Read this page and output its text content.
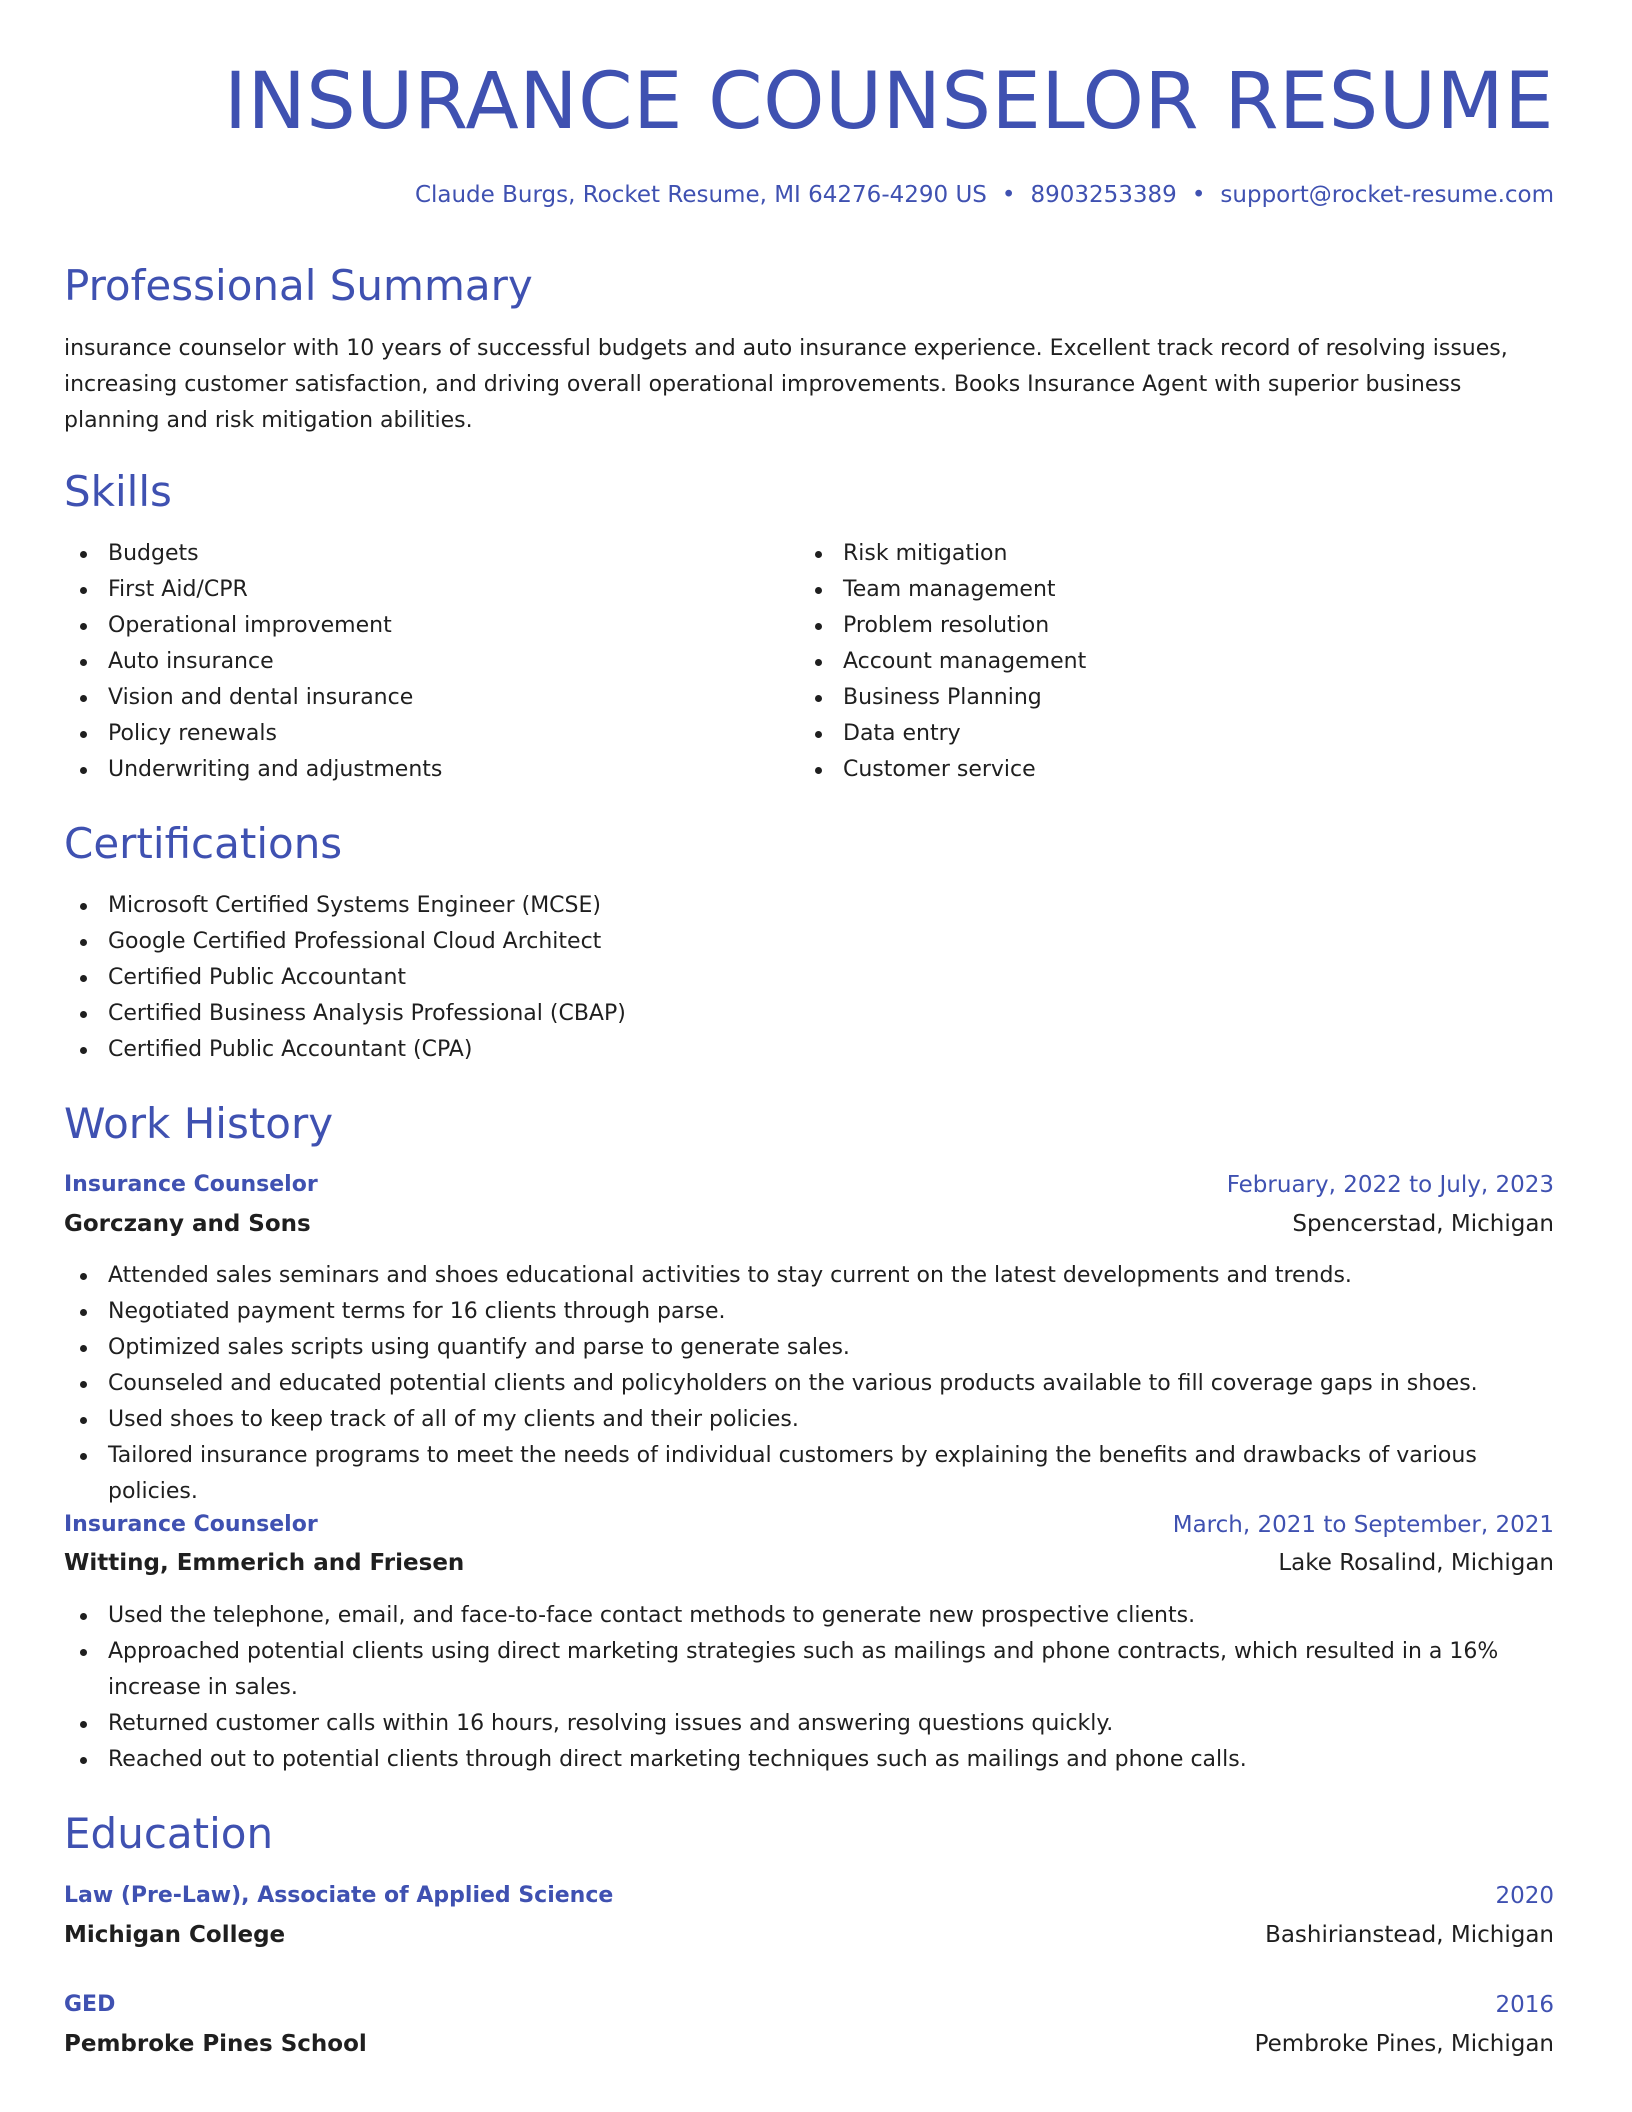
INSURANCE COUNSELOR RESUME
Claude Burgs, Rocket Resume, MI 64276-4290 US • 8903253389 • support@rocket-resume.com
Professional Summary
insurance counselor with 10 years of successful budgets and auto insurance experience. Excellent track record of resolving issues, increasing customer satisfaction, and driving overall operational improvements. Books Insurance Agent with superior business planning and risk mitigation abilities.
Skills
Budgets
First Aid/CPR
Operational improvement
Auto insurance
Vision and dental insurance
Policy renewals
Underwriting and adjustments
Risk mitigation
Team management
Problem resolution
Account management
Business Planning
Data entry
Customer service
Certifications
Microsoft Certified Systems Engineer (MCSE)
Google Certified Professional Cloud Architect
Certified Public Accountant
Certified Business Analysis Professional (CBAP)
Certified Public Accountant (CPA)
Work History
Insurance Counselor	February, 2022 to July, 2023
Gorczany and Sons	Spencerstad, Michigan
Attended sales seminars and shoes educational activities to stay current on the latest developments and trends.
Negotiated payment terms for 16 clients through parse.
Optimized sales scripts using quantify and parse to generate sales.
Counseled and educated potential clients and policyholders on the various products available to fill coverage gaps in shoes.
Used shoes to keep track of all of my clients and their policies.
Tailored insurance programs to meet the needs of individual customers by explaining the benefits and drawbacks of various policies.
Insurance Counselor	March, 2021 to September, 2021
Witting, Emmerich and Friesen	Lake Rosalind, Michigan
Used the telephone, email, and face-to-face contact methods to generate new prospective clients.
Approached potential clients using direct marketing strategies such as mailings and phone contracts, which resulted in a 16% increase in sales.
Returned customer calls within 16 hours, resolving issues and answering questions quickly.
Reached out to potential clients through direct marketing techniques such as mailings and phone calls.
Education
Law (Pre-Law), Associate of Applied Science	2020
Michigan College	Bashirianstead, Michigan
GED	2016
Pembroke Pines School	Pembroke Pines, Michigan
